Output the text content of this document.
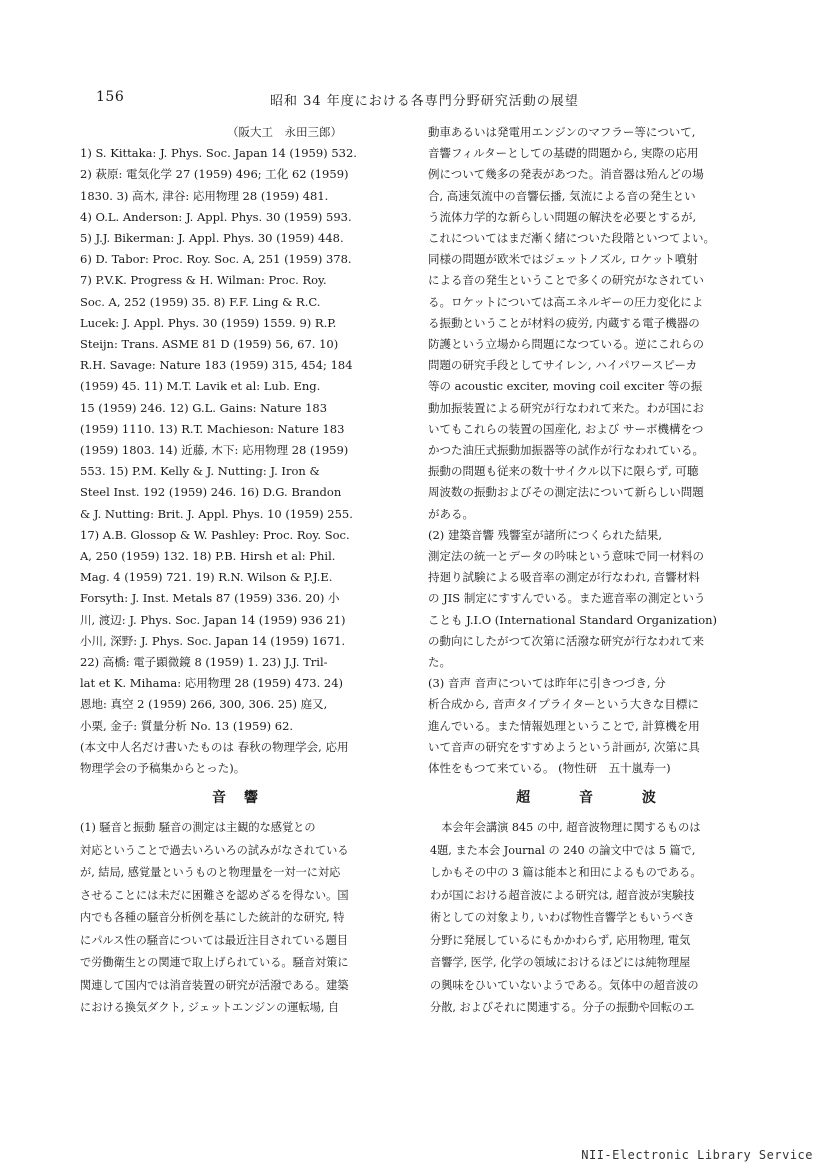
156	昭和 34 年度における各専門分野研究活動の展望
（阪大工　永田三郎）
1) S. Kittaka: J. Phys. Soc. Japan 14 (1959) 532.
2) 萩原: 電気化学 27 (1959) 496; 工化 62 (1959)
1830. 3) 高木, 津谷: 応用物理 28 (1959) 481.
4) O.L. Anderson: J. Appl. Phys. 30 (1959) 593.
5) J.J. Bikerman: J. Appl. Phys. 30 (1959) 448.
6) D. Tabor: Proc. Roy. Soc. A, 251 (1959) 378.
7) P.V.K. Progress & H. Wilman: Proc. Roy.
Soc. A, 252 (1959) 35. 8) F.F. Ling & R.C.
Lucek: J. Appl. Phys. 30 (1959) 1559. 9) R.P.
Steijn: Trans. ASME 81 D (1959) 56, 67. 10)
R.H. Savage: Nature 183 (1959) 315, 454; 184
(1959) 45. 11) M.T. Lavik et al: Lub. Eng.
15 (1959) 246. 12) G.L. Gains: Nature 183
(1959) 1110. 13) R.T. Machieson: Nature 183
(1959) 1803. 14) 近藤, 木下: 応用物理 28 (1959)
553. 15) P.M. Kelly & J. Nutting: J. Iron &
Steel Inst. 192 (1959) 246. 16) D.G. Brandon
& J. Nutting: Brit. J. Appl. Phys. 10 (1959) 255.
17) A.B. Glossop & W. Pashley: Proc. Roy. Soc.
A, 250 (1959) 132. 18) P.B. Hirsh et al: Phil.
Mag. 4 (1959) 721. 19) R.N. Wilson & P.J.E.
Forsyth: J. Inst. Metals 87 (1959) 336. 20) 小
川, 渡辺: J. Phys. Soc. Japan 14 (1959) 936 21)
小川, 深野: J. Phys. Soc. Japan 14 (1959) 1671.
22) 高橋: 電子顕微鏡 8 (1959) 1. 23) J.J. Tril-
lat et K. Mihama: 応用物理 28 (1959) 473. 24)
恩地: 真空 2 (1959) 266, 300, 306. 25) 庭又,
小栗, 金子: 質量分析 No. 13 (1959) 62.
(本文中人名だけ書いたものは 春秋の物理学会, 応用
物理学会の予稿集からとった)。
動車あるいは発電用エンジンのマフラー等について,
音響フィルターとしての基礎的問題から, 実際の応用
例について幾多の発表があつた。消音器は殆んどの場
合, 高速気流中の音響伝播, 気流による音の発生とい
う流体力学的な新らしい問題の解決を必要とするが,
これについてはまだ漸く緒についた段階といつてよい。
同様の問題が欧米ではジェットノズル, ロケット噴射
による音の発生ということで多くの研究がなされてい
る。ロケットについては高エネルギーの圧力変化によ
る振動ということが材料の疲労, 内蔵する電子機器の
防護という立場から問題になつている。逆にこれらの
問題の研究手段としてサイレン, ハイパワースピーカ
等の acoustic exciter, moving coil exciter 等の振
動加振装置による研究が行なわれて来た。わが国にお
いてもこれらの装置の国産化, および サーボ機構をつ
かつた油圧式振動加振器等の試作が行なわれている。
振動の問題も従来の数十サイクル以下に限らず, 可聴
周波数の振動およびその測定法について新らしい問題
がある。
(2) 建築音響 残響室が諸所につくられた結果,
測定法の統一とデータの吟味という意味で同一材料の
持廻り試験による吸音率の測定が行なわれ, 音響材料
の JIS 制定にすすんでいる。また遮音率の測定という
ことも J.I.O (International Standard Organization)
の動向にしたがつて次第に活潑な研究が行なわれて来
た。
(3) 音声 音声については昨年に引きつづき, 分
析合成から, 音声タイプライターという大きな目標に
進んでいる。また情報処理ということで, 計算機を用
いて音声の研究をすすめようという計画が, 次第に具
体性をもつて来ている。 (物性研　五十嵐寿一)
音　響	超	音	波
(1) 騒音と振動 騒音の測定は主観的な感覚との
対応ということで過去いろいろの試みがなされている
が, 結局, 感覚量というものと物理量を一対一に対応
させることには未だに困難さを認めざるを得ない。国
内でも各種の騒音分析例を基にした統計的な研究, 特
にパルス性の騒音については最近注目されている題目
で労働衛生との関連で取上げられている。騒音対策に
関連して国内では消音装置の研究が活潑である。建築
における換気ダクト, ジェットエンジンの運転場, 自
　本会年会講演 845 の中, 超音波物理に関するものは
4題, また本会 Journal の 240 の論文中では 5 篇で,
しかもその中の 3 篇は能本と和田によるものである。
わが国における超音波による研究は, 超音波が実験技
術としての対象より, いわば物性音響学ともいうべき
分野に発展しているにもかかわらず, 応用物理, 電気
音響学, 医学, 化学の領域におけるほどには純物理屋
の興味をひいていないようである。気体中の超音波の
分散, およびそれに関連する。分子の振動や回転のエ
NII-Electronic Library Service
